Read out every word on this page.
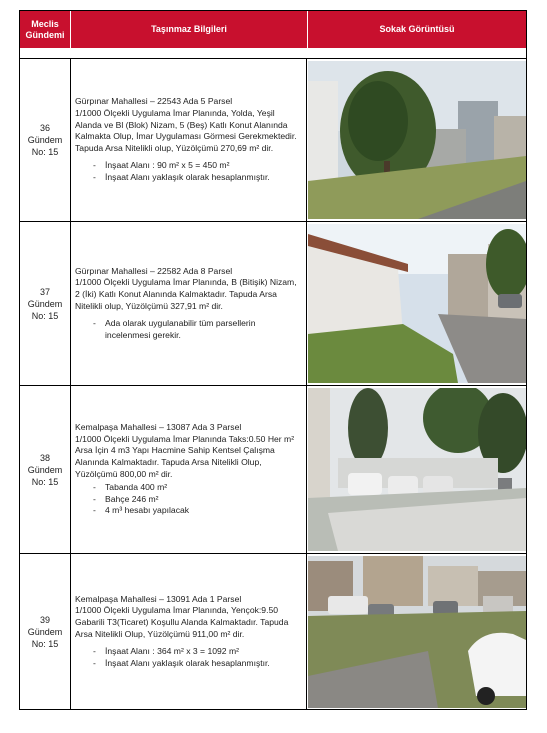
Meclis
Gündemi
Taşınmaz Bilgileri	Sokak Görüntüsü
36
Gündem
No: 15
Gürpınar Mahallesi – 22543 Ada 5 Parsel
1/1000 Ölçekli Uygulama İmar Planında, Yolda, Yeşil Alanda ve Bl (Blok) Nizam, 5 (Beş) Katlı Konut Alanında Kalmakta Olup, İmar Uygulaması Görmesi Gerekmektedir. Tapuda Arsa Nitelikli olup, Yüzölçümü 270,69 m² dir.
- İnşaat Alanı : 90 m² x 5 = 450 m²
- İnşaat Alanı yaklaşık olarak hesaplanmıştır.
37
Gündem
No: 15
Gürpınar Mahallesi – 22582 Ada 8 Parsel
1/1000 Ölçekli Uygulama İmar Planında, B (Bitişik) Nizam, 2 (İki) Katlı Konut Alanında Kalmaktadır. Tapuda Arsa Nitelikli olup, Yüzölçümü 327,91 m² dir.
- Ada olarak uygulanabilir tüm parsellerin incelenmesi gerekir.
38
Gündem
No: 15
Kemalpaşa Mahallesi – 13087 Ada 3 Parsel
1/1000 Ölçekli Uygulama İmar Planında Taks:0.50 Her m² Arsa İçin 4 m3 Yapı Hacmine Sahip Kentsel Çalışma Alanında Kalmaktadır. Tapuda Arsa Nitelikli Olup, Yüzölçümü 800,00 m² dir.
- Tabanda 400 m²
- Bahçe 246 m²
- 4 m³ hesabı yapılacak
39
Gündem
No: 15
Kemalpaşa Mahallesi – 13091 Ada 1 Parsel
1/1000 Ölçekli Uygulama İmar Planında, Yençok:9.50 Gabarili T3(Ticaret) Koşullu Alanda Kalmaktadır. Tapuda Arsa Nitelikli Olup, Yüzölçümü 911,00 m² dir.
- İnşaat Alanı : 364 m² x 3 = 1092 m²
- İnşaat Alanı yaklaşık olarak hesaplanmıştır.
